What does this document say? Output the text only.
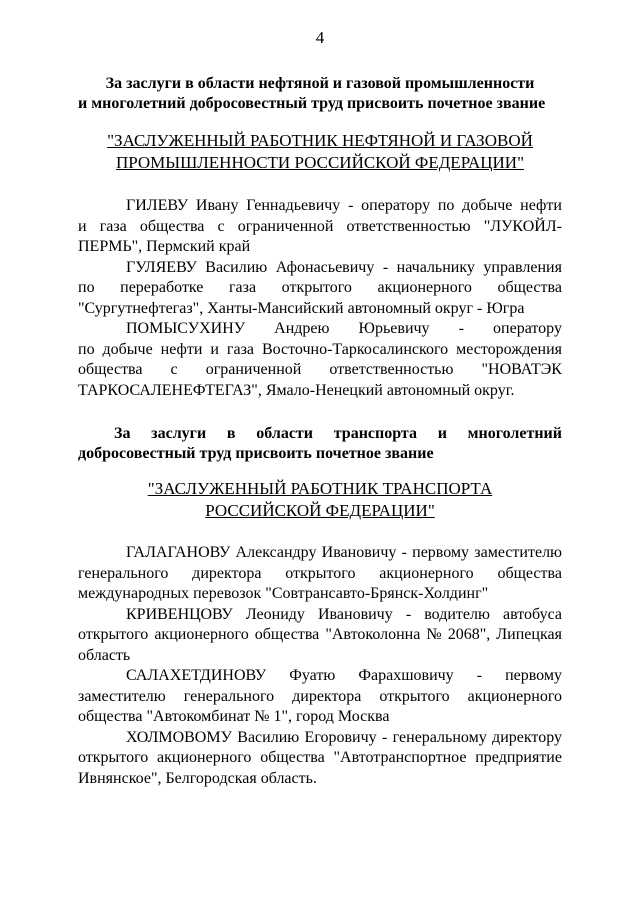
4
За заслуги в области нефтяной и газовой промышленности
и многолетний добросовестный труд присвоить почетное звание
"ЗАСЛУЖЕННЫЙ РАБОТНИК НЕФТЯНОЙ И ГАЗОВОЙ
ПРОМЫШЛЕННОСТИ РОССИЙСКОЙ ФЕДЕРАЦИИ"
ГИЛЕВУ Ивану Геннадьевичу - оператору по добыче нефти
и газа общества с ограниченной ответственностью "ЛУКОЙЛ-
ПЕРМЬ", Пермский край
ГУЛЯЕВУ Василию Афонасьевичу - начальнику управления
по переработке газа открытого акционерного общества
"Сургутнефтегаз", Ханты-Мансийский автономный округ - Югра
ПОМЫСУХИНУ Андрею Юрьевичу - оператору
по добыче нефти и газа Восточно-Таркосалинского месторождения
общества с ограниченной ответственностью "НОВАТЭК
ТАРКОСАЛЕНЕФТЕГАЗ", Ямало-Ненецкий автономный округ.
За заслуги в области транспорта и многолетний
добросовестный труд присвоить почетное звание
"ЗАСЛУЖЕННЫЙ РАБОТНИК ТРАНСПОРТА
РОССИЙСКОЙ ФЕДЕРАЦИИ"
ГАЛАГАНОВУ Александру Ивановичу - первому заместителю
генерального директора открытого акционерного общества
международных перевозок "Совтрансавто-Брянск-Холдинг"
КРИВЕНЦОВУ Леониду Ивановичу - водителю автобуса
открытого акционерного общества "Автоколонна № 2068", Липецкая
область
САЛАХЕТДИНОВУ Фуатю Фарахшовичу - первому
заместителю генерального директора открытого акционерного
общества "Автокомбинат № 1", город Москва
ХОЛМОВОМУ Василию Егоровичу - генеральному директору
открытого акционерного общества "Автотранспортное предприятие
Ивнянское", Белгородская область.
